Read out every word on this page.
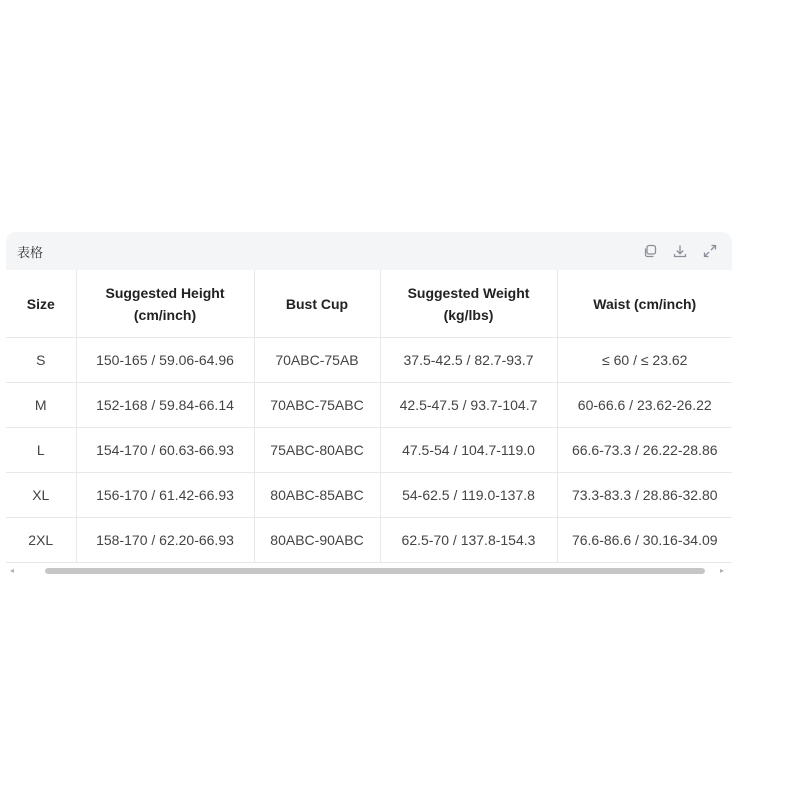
表格
Size	Suggested Height (cm/inch)	Bust Cup	Suggested Weight (kg/lbs)	Waist (cm/inch)
S	150-165 / 59.06-64.96	70ABC-75AB	37.5-42.5 / 82.7-93.7	≤ 60 / ≤ 23.62
M	152-168 / 59.84-66.14	70ABC-75ABC	42.5-47.5 / 93.7-104.7	60-66.6 / 23.62-26.22
L	154-170 / 60.63-66.93	75ABC-80ABC	47.5-54 / 104.7-119.0	66.6-73.3 / 26.22-28.86
XL	156-170 / 61.42-66.93	80ABC-85ABC	54-62.5 / 119.0-137.8	73.3-83.3 / 28.86-32.80
2XL	158-170 / 62.20-66.93	80ABC-90ABC	62.5-70 / 137.8-154.3	76.6-86.6 / 30.16-34.09
◂	▸
